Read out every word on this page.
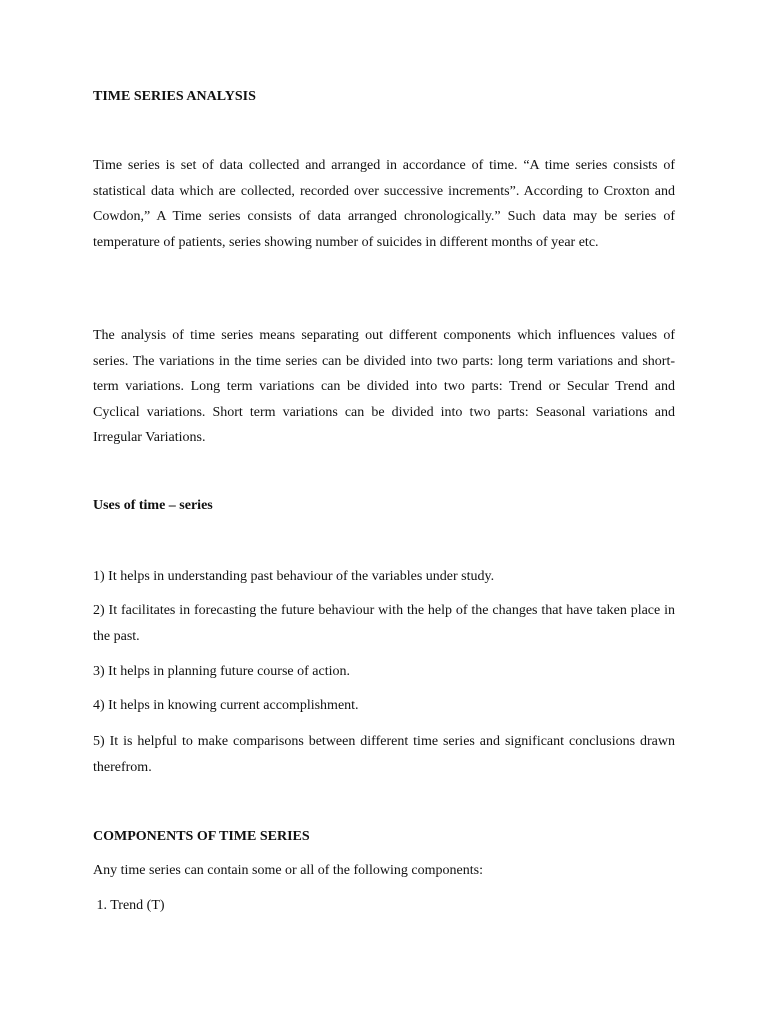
TIME SERIES ANALYSIS

Time series is set of data collected and arranged in accordance of time. “A time series consists of statistical data which are collected, recorded over successive increments”. According to Croxton and Cowdon,” A Time series consists of data arranged chronologically.” Such data may be series of temperature of patients, series showing number of suicides in different months of year etc.

The analysis of time series means separating out different components which influences values of series. The variations in the time series can be divided into two parts: long term variations and short-term variations. Long term variations can be divided into two parts: Trend or Secular Trend and Cyclical variations. Short term variations can be divided into two parts: Seasonal variations and Irregular Variations.

Uses of time – series

1) It helps in understanding past behaviour of the variables under study.

2) It facilitates in forecasting the future behaviour with the help of the changes that have taken place in the past.

3) It helps in planning future course of action.

4) It helps in knowing current accomplishment.

5) It is helpful to make comparisons between different time series and significant conclusions drawn therefrom.

COMPONENTS OF TIME SERIES

Any time series can contain some or all of the following components:

1. Trend (T)
